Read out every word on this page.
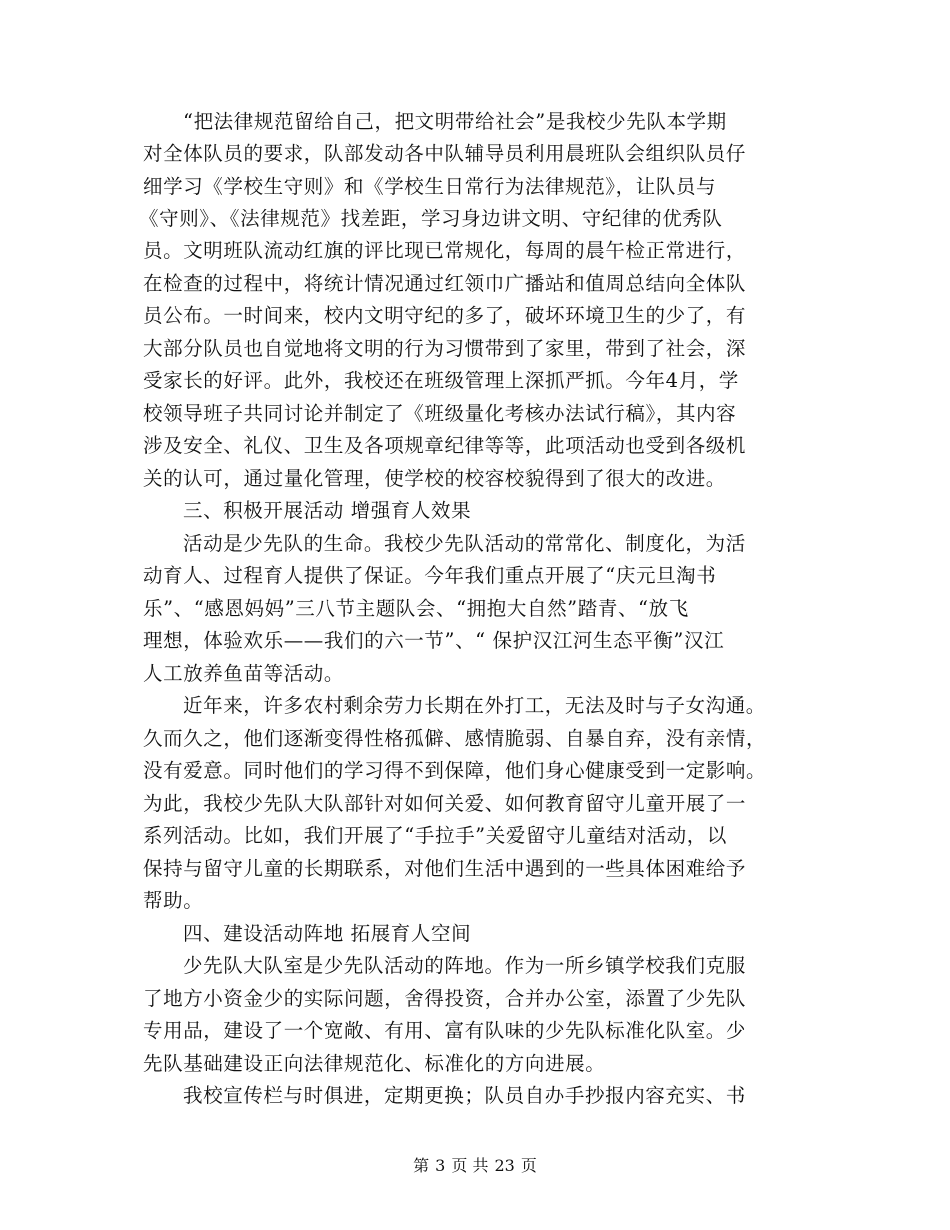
“把法律规范留给自己，把文明带给社会”是我校少先队本学期
对全体队员的要求，队部发动各中队辅导员利用晨班队会组织队员仔
细学习《学校生守则》和《学校生日常行为法律规范》，让队员与
《守则》、《法律规范》找差距，学习身边讲文明、守纪律的优秀队
员。文明班队流动红旗的评比现已常规化，每周的晨午检正常进行，
在检查的过程中，将统计情况通过红领巾广播站和值周总结向全体队
员公布。一时间来，校内文明守纪的多了，破坏环境卫生的少了，有
大部分队员也自觉地将文明的行为习惯带到了家里，带到了社会，深
受家长的好评。此外，我校还在班级管理上深抓严抓。今年4月，学
校领导班子共同讨论并制定了《班级量化考核办法试行稿》，其内容
涉及安全、礼仪、卫生及各项规章纪律等等，此项活动也受到各级机
关的认可，通过量化管理，使学校的校容校貌得到了很大的改进。
三、积极开展活动 增强育人效果
活动是少先队的生命。我校少先队活动的常常化、制度化，为活
动育人、过程育人提供了保证。今年我们重点开展了“庆元旦淘书
乐”、“感恩妈妈”三八节主题队会、“拥抱大自然”踏青、“放飞
理想，体验欢乐——我们的六一节”、“ 保护汉江河生态平衡”汉江
人工放养鱼苗等活动。
近年来，许多农村剩余劳力长期在外打工，无法及时与子女沟通。
久而久之，他们逐渐变得性格孤僻、感情脆弱、自暴自弃，没有亲情，
没有爱意。同时他们的学习得不到保障，他们身心健康受到一定影响。
为此，我校少先队大队部针对如何关爱、如何教育留守儿童开展了一
系列活动。比如，我们开展了“手拉手”关爱留守儿童结对活动，以
保持与留守儿童的长期联系，对他们生活中遇到的一些具体困难给予
帮助。
四、建设活动阵地 拓展育人空间
少先队大队室是少先队活动的阵地。作为一所乡镇学校我们克服
了地方小资金少的实际问题，舍得投资，合并办公室，添置了少先队
专用品，建设了一个宽敞、有用、富有队味的少先队标准化队室。少
先队基础建设正向法律规范化、标准化的方向进展。
我校宣传栏与时俱进，定期更换；队员自办手抄报内容充实、书
第 3 页 共 23 页
